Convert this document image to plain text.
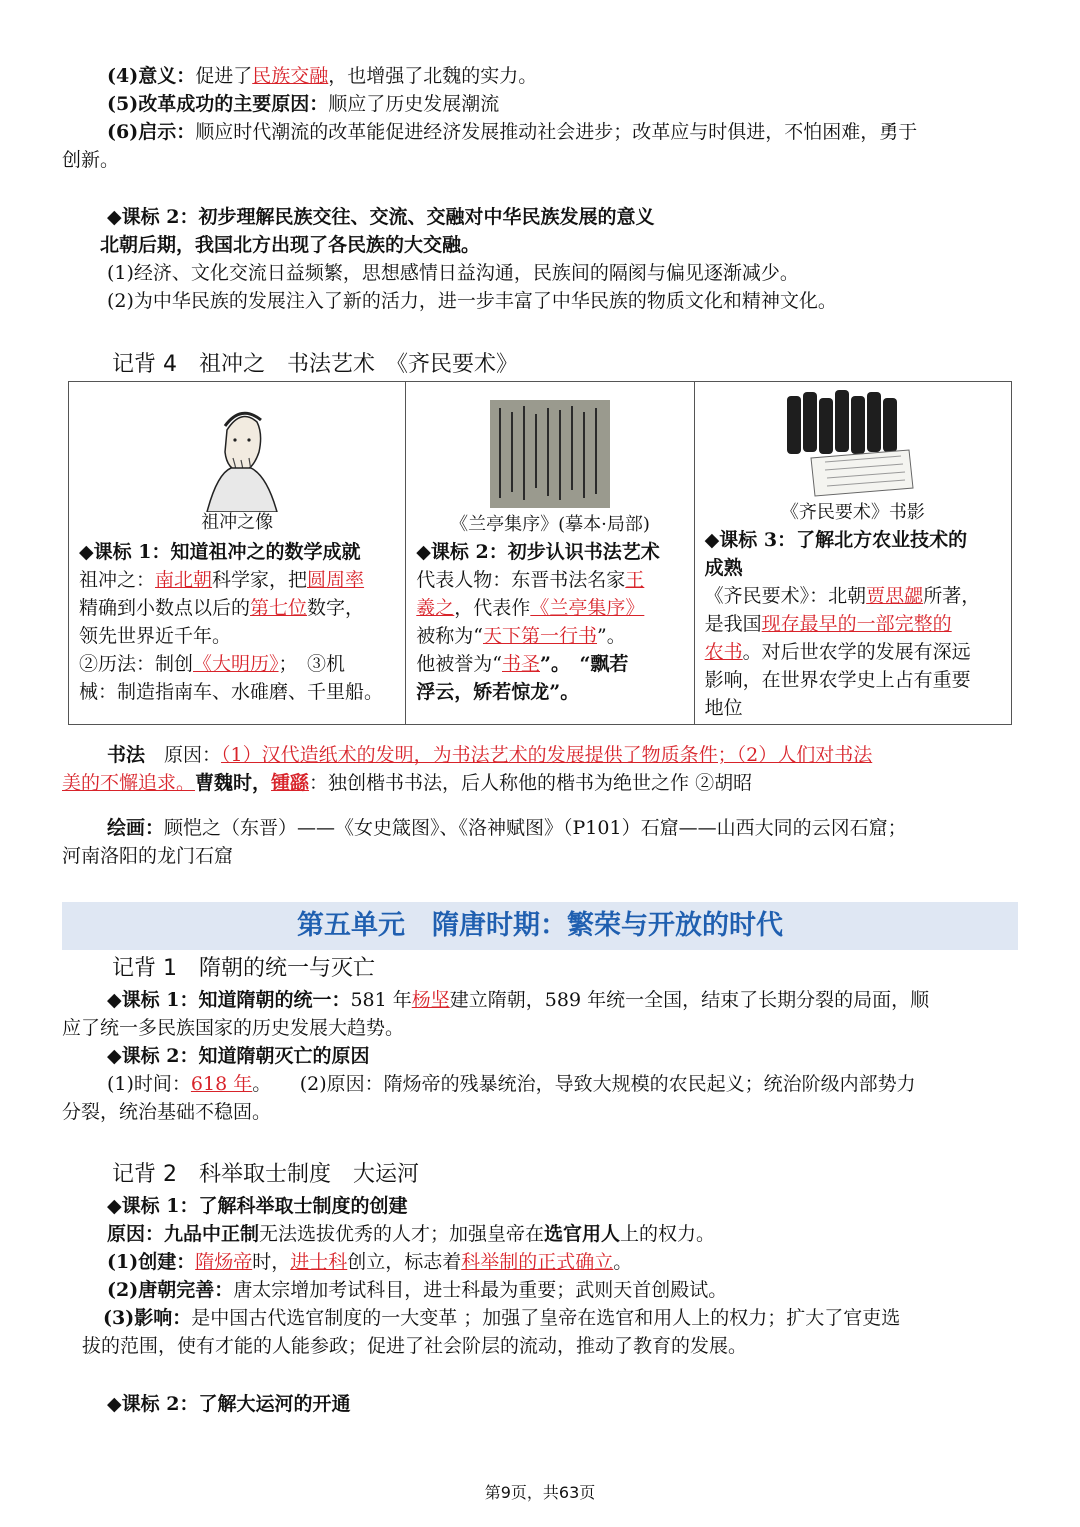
(4)意义：促进了民族交融，也增强了北魏的实力。
(5)改革成功的主要原因：顺应了历史发展潮流
(6)启示：顺应时代潮流的改革能促进经济发展推动社会进步；改革应与时俱进，不怕困难，勇于
创新。
◆课标 2：初步理解民族交往、交流、交融对中华民族发展的意义
北朝后期，我国北方出现了各民族的大交融。
(1)经济、文化交流日益频繁，思想感情日益沟通，民族间的隔阂与偏见逐渐减少。
(2)为中华民族的发展注入了新的活力，进一步丰富了中华民族的物质文化和精神文化。
记背 4　祖冲之　书法艺术　《齐民要术》
祖冲之像
◆课标 1：知道祖冲之的数学成就
祖冲之：南北朝科学家，把圆周率
精确到小数点以后的第七位数字，
领先世界近千年。
②历法：制创《大明历》；　③机
械：制造指南车、水碓磨、千里船。

《兰亭集序》(摹本·局部)
◆课标 2：初步认识书法艺术
代表人物：东晋书法名家王
羲之，代表作《兰亭集序》
被称为“天下第一行书”。
他被誉为“书圣”。　“飘若
浮云，矫若惊龙”。

《齐民要术》书影
◆课标 3：了解北方农业技术的
成熟
《齐民要术》：北朝贾思勰所著，
是我国现存最早的一部完整的
农书。对后世农学的发展有深远
影响，在世界农学史上占有重要
地位
书法　原因：（1）汉代造纸术的发明，为书法艺术的发展提供了物质条件；（2）人们对书法
美的不懈追求。曹魏时，锺繇：独创楷书书法，后人称他的楷书为绝世之作 ②胡昭
绘画：顾恺之（东晋）——《女史箴图》、《洛神赋图》（P101）石窟——山西大同的云冈石窟；
河南洛阳的龙门石窟
第五单元　隋唐时期：繁荣与开放的时代
记背 1　隋朝的统一与灭亡
◆课标 1：知道隋朝的统一：581 年杨坚建立隋朝，589 年统一全国，结束了长期分裂的局面，顺
应了统一多民族国家的历史发展大趋势。
◆课标 2：知道隋朝灭亡的原因
(1)时间：618 年。　　(2)原因：隋炀帝的残暴统治，导致大规模的农民起义；统治阶级内部势力
分裂，统治基础不稳固。
记背 2　科举取士制度　大运河
◆课标 1：了解科举取士制度的创建
原因：九品中正制无法选拔优秀的人才；加强皇帝在选官用人上的权力。
(1)创建：隋炀帝时，进士科创立，标志着科举制的正式确立。
(2)唐朝完善：唐太宗增加考试科目，进士科最为重要；武则天首创殿试。
(3)影响：是中国古代选官制度的一大变革 ；加强了皇帝在选官和用人上的权力；扩大了官吏选
拔的范围，使有才能的人能参政；促进了社会阶层的流动，推动了教育的发展。
◆课标 2：了解大运河的开通
第9页，共63页
